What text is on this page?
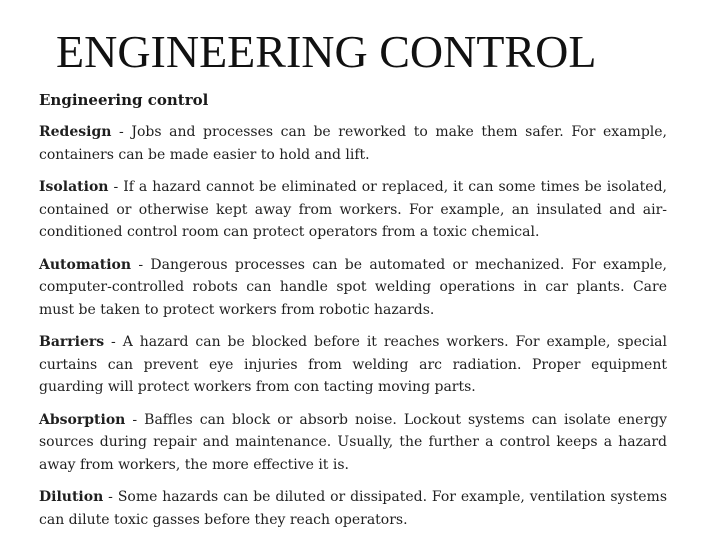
ENGINEERING CONTROL
Engineering control

Redesign - Jobs and processes can be reworked to make them safer. For example, containers can be made easier to hold and lift.

Isolation - If a hazard cannot be eliminated or replaced, it can some times be isolated, contained or otherwise kept away from workers. For example, an insulated and air-conditioned control room can protect operators from a toxic chemical.

Automation - Dangerous processes can be automated or mechanized. For example, computer-controlled robots can handle spot welding operations in car plants. Care must be taken to protect workers from robotic hazards.

Barriers - A hazard can be blocked before it reaches workers. For example, special curtains can prevent eye injuries from welding arc radiation. Proper equipment guarding will protect workers from con tacting moving parts.

Absorption - Baffles can block or absorb noise. Lockout systems can isolate energy sources during repair and maintenance. Usually, the further a control keeps a hazard away from workers, the more effective it is.

Dilution - Some hazards can be diluted or dissipated. For example, ventilation systems can dilute toxic gasses before they reach operators.
